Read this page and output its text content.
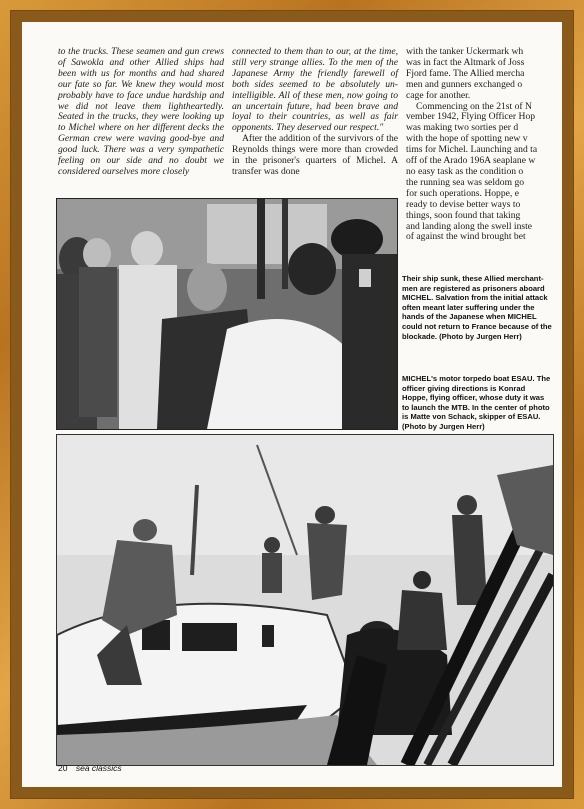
to the trucks. These seamen and gun crews of Sawokla and other Allied ships had been with us for months and had shared our fate so far. We knew they would most probably have to face undue hardship and we did not leave them lightheartedly. Seated in the trucks, they were looking up to Michel where on her different decks the German crew were waving good-bye and good luck. There was a very sympathetic feeling on our side and no doubt we considered ourselves more closely

connected to them than to our, at the time, still very strange allies. To the men of the Japanese Army the friendly farewell of both sides seemed to be absolutely un-intelligible. All of these men, now going to an uncertain future, had been brave and loyal to their countries, as well as fair opponents. They deserved our respect."

After the addition of the survivors of the Reynolds things were more than crowded in the prisoner's quarters of Michel. A transfer was done

with the tanker Uckermark wh

was in fact the Altmark of Joss

Fjord fame. The Allied mercha

men and gunners exchanged o

cage for another.

Commencing on the 21st of N

vember 1942, Flying Officer Hop

was making two sorties per d

with the hope of spotting new v

tims for Michel. Launching and ta

off of the Arado 196A seaplane w

no easy task as the condition o

the running sea was seldom go

for such operations. Hoppe, e

ready to devise better ways to

things, soon found that taking

and landing along the swell inste

of against the wind brought bet

Their ship sunk, these Allied merchant-men are registered as prisoners aboard MICHEL. Salvation from the initial attack often meant later suffering under the hands of the Japanese when MICHEL could not return to France because of the blockade. (Photo by Jurgen Herr)
MICHEL's motor torpedo boat ESAU. The officer giving directions is Konrad Hoppe, flying officer, whose duty it was to launch the MTB. In the center of photo is Matte von Schack, skipper of ESAU. (Photo by Jurgen Herr)
20 sea classics
